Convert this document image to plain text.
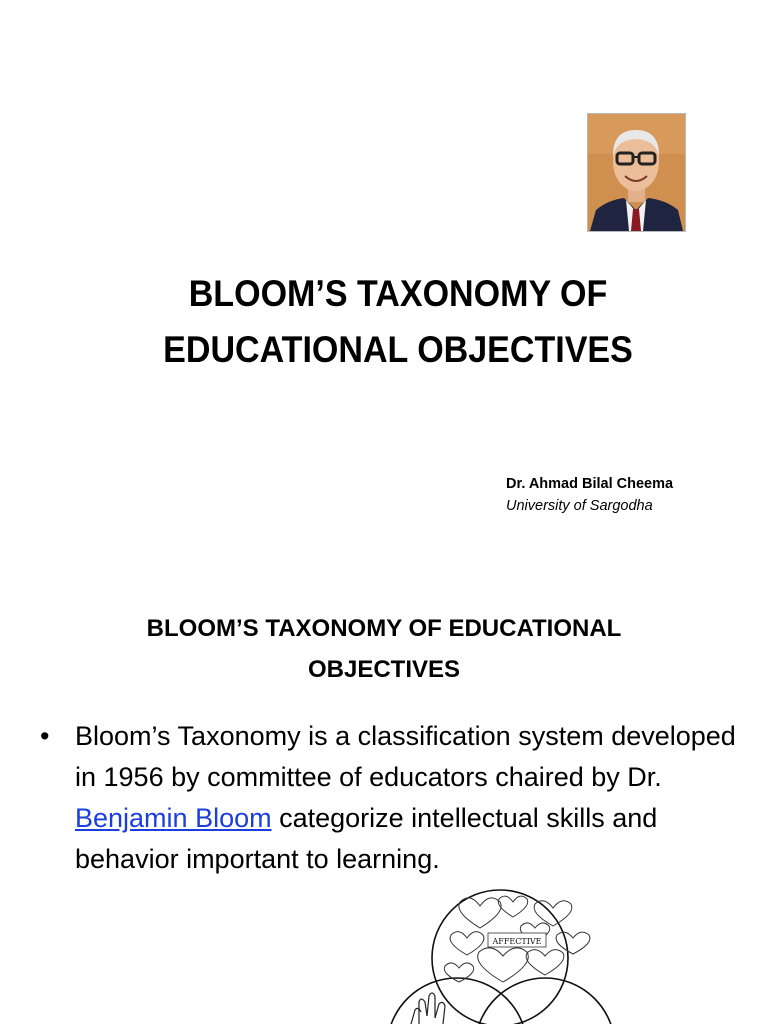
BLOOM’S TAXONOMY OF
EDUCATIONAL OBJECTIVES
Dr. Ahmad Bilal Cheema
University of Sargodha
BLOOM’S TAXONOMY OF EDUCATIONAL
OBJECTIVES
• Bloom’s Taxonomy is a classification system developed in 1956 by committee of educators chaired by Dr. Benjamin Bloom categorize intellectual skills and behavior important to learning.
AFFECTIVE
